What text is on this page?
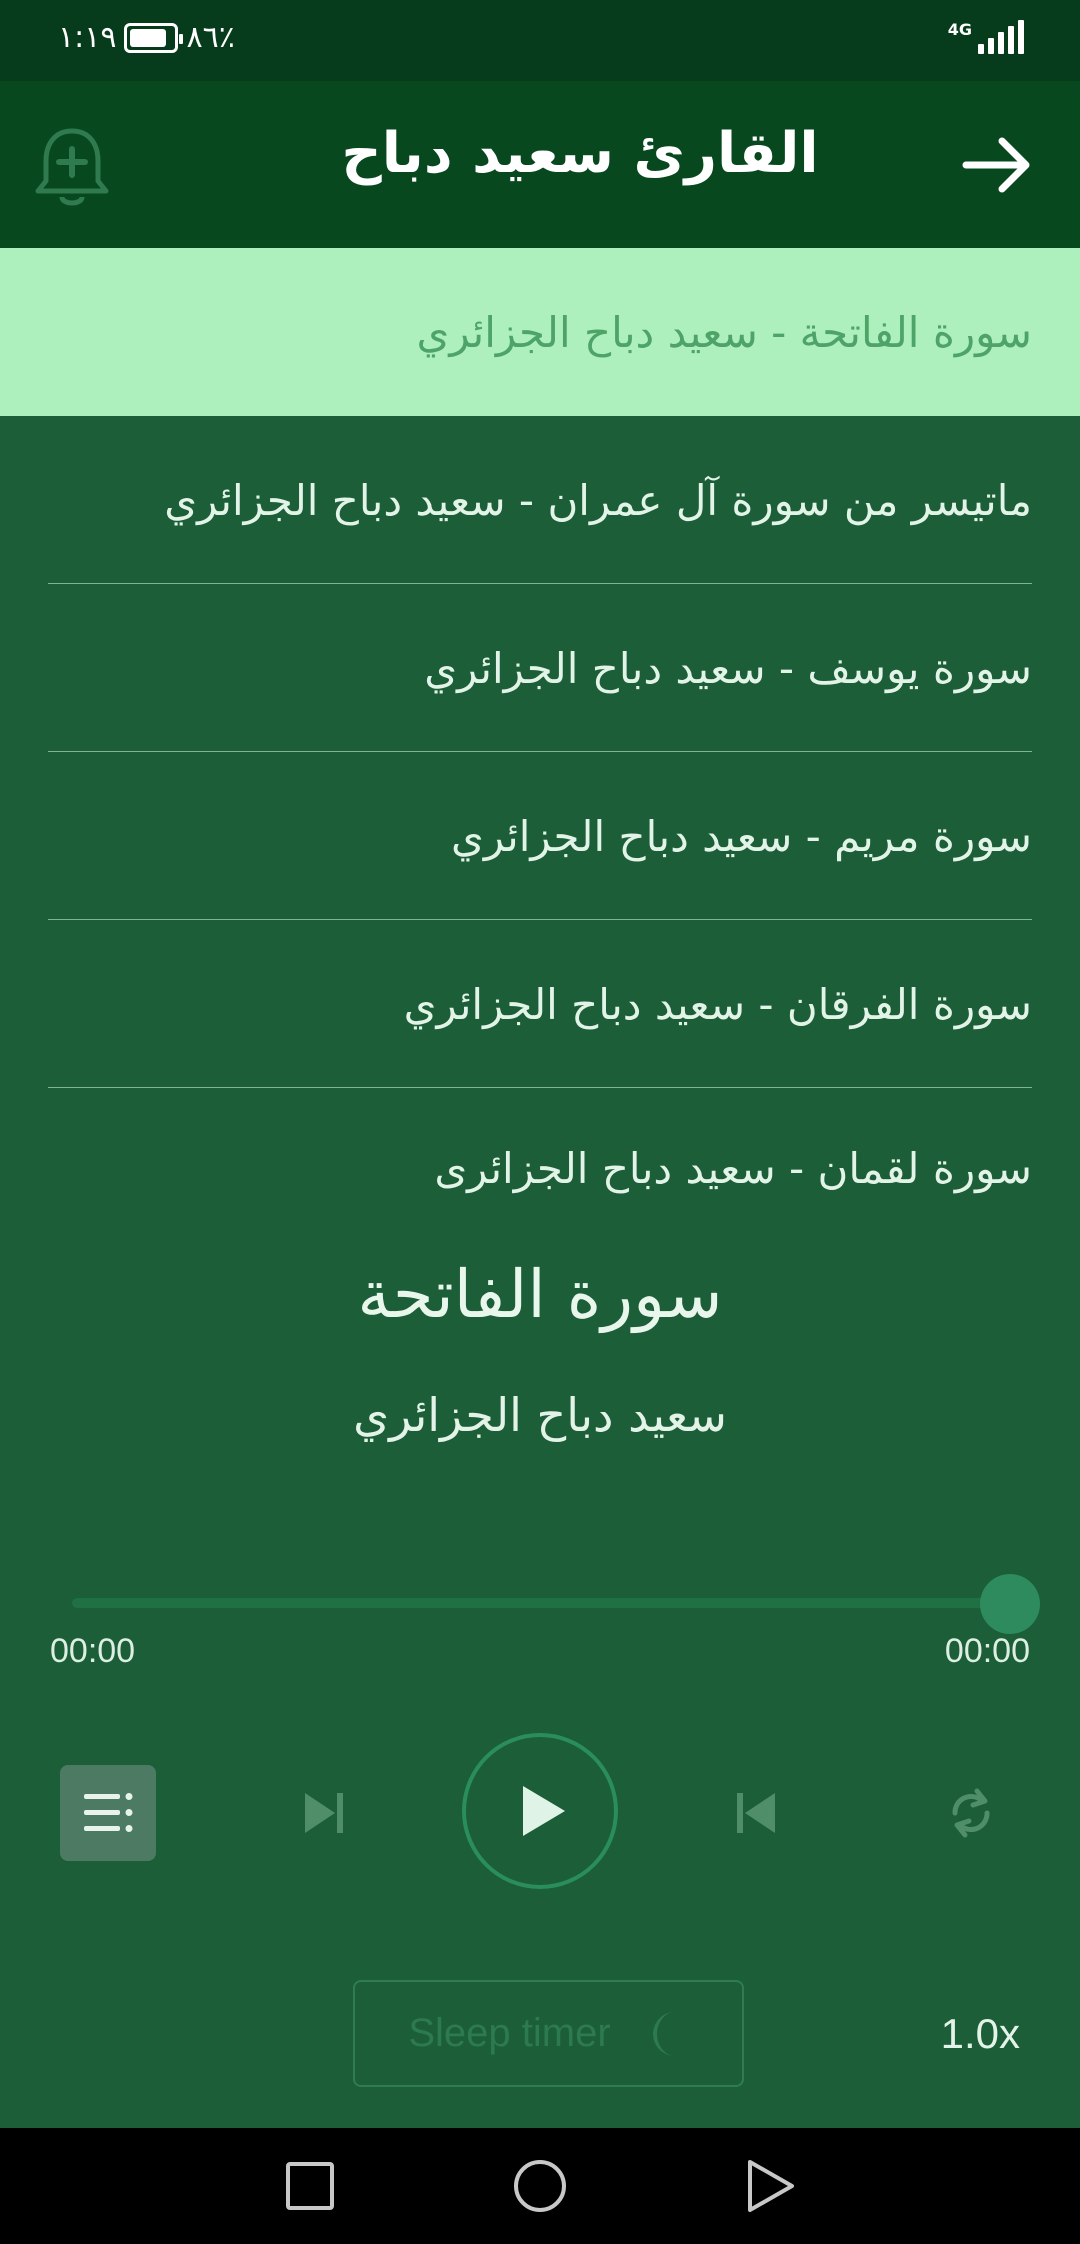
١:١٩ ٨٦٪	4G
القارئ سعيد دباح
سورة الفاتحة - سعيد دباح الجزائري
ماتيسر من سورة آل عمران - سعيد دباح الجزائري
سورة يوسف - سعيد دباح الجزائري
سورة مريم - سعيد دباح الجزائري
سورة الفرقان - سعيد دباح الجزائري
سورة لقمان - سعيد دباح الجزائرى
سورة الفاتحة
سعيد دباح الجزائري
00:00	00:00
Sleep timer	1.0x
